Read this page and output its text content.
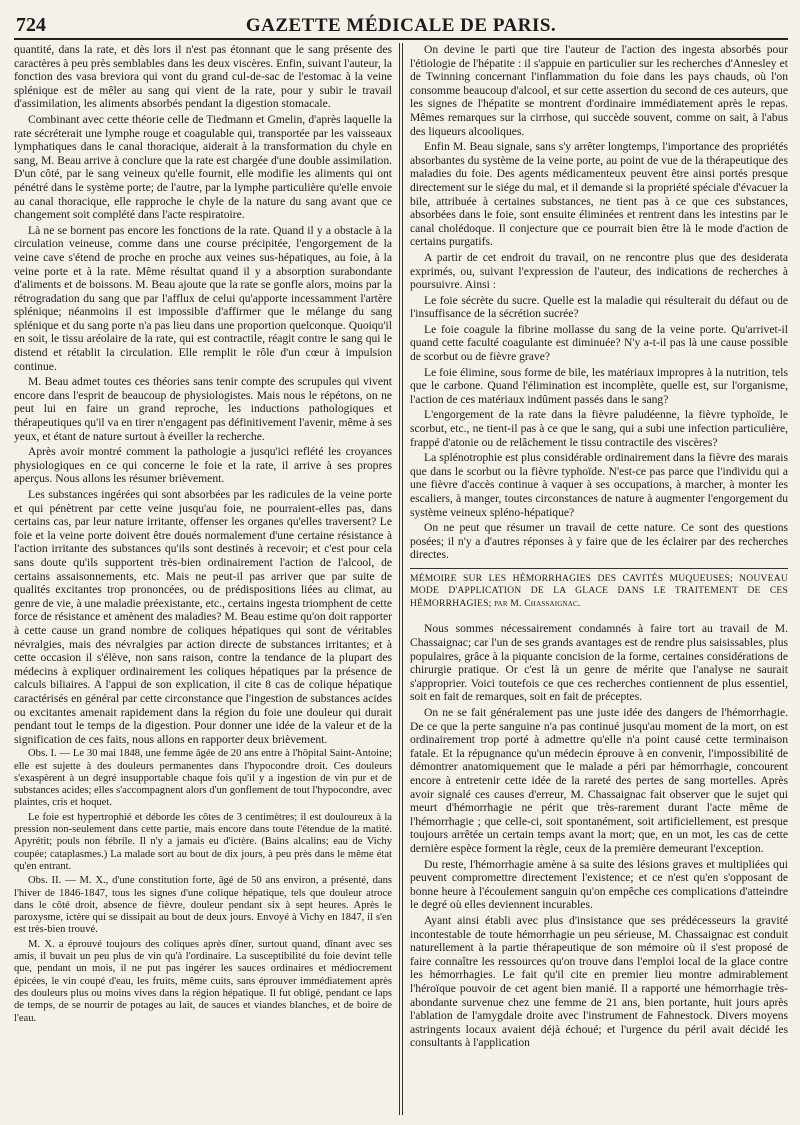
724	GAZETTE MÉDICALE DE PARIS.

quantité, dans la rate, et dès lors il n'est pas étonnant que le sang présente des caractères à peu près semblables dans les deux viscères. Enfin, suivant l'auteur, la fonction des vasa breviora qui vont du grand cul-de-sac de l'estomac à la veine splénique est de mêler au sang qui vient de la rate, pour y subir le travail d'assimilation, les aliments absorbés pendant la digestion stomacale.

Combinant avec cette théorie celle de Tiedmann et Gmelin, d'après laquelle la rate sécréterait une lymphe rouge et coagulable qui, transportée par les vaisseaux lymphatiques dans le canal thoracique, aiderait à la transformation du chyle en sang, M. Beau arrive à conclure que la rate est chargée d'une double assimilation. D'un côté, par le sang veineux qu'elle fournit, elle modifie les aliments qui ont pénétré dans le système porte; de l'autre, par la lymphe particulière qu'elle envoie au canal thoracique, elle rapproche le chyle de la nature du sang avant que ce changement soit complété dans l'acte respiratoire.

Là ne se bornent pas encore les fonctions de la rate. Quand il y a obstacle à la circulation veineuse, comme dans une course précipitée, l'engorgement de la veine cave s'étend de proche en proche aux veines sus-hépatiques, au foie, à la veine porte et à la rate. Même résultat quand il y a absorption surabondante d'aliments et de boissons. M. Beau ajoute que la rate se gonfle alors, moins par la rétrogradation du sang que par l'afflux de celui qu'apporte incessamment l'artère splénique; néanmoins il est impossible d'affirmer que le mélange du sang splénique et du sang porte n'a pas lieu dans une proportion quelconque. Quoiqu'il en soit, le tissu aréolaire de la rate, qui est contractile, réagit contre le sang qui le distend et rétablit la circulation. Elle remplit le rôle d'un cœur à impulsion continue.

M. Beau admet toutes ces théories sans tenir compte des scrupules qui vivent encore dans l'esprit de beaucoup de physiologistes. Mais nous le répétons, on ne peut lui en faire un grand reproche, les inductions pathologiques et thérapeutiques qu'il va en tirer n'engagent pas définitivement l'avenir, même à ses yeux, et étant de nature surtout à éveiller la recherche.

Après avoir montré comment la pathologie a jusqu'ici reflété les croyances physiologiques en ce qui concerne le foie et la rate, il arrive à ses propres aperçus. Nous allons les résumer brièvement.

Les substances ingérées qui sont absorbées par les radicules de la veine porte et qui pénètrent par cette veine jusqu'au foie, ne pourraient-elles pas, dans certains cas, par leur nature irritante, offenser les organes qu'elles traversent? Le foie et la veine porte doivent être doués normalement d'une certaine résistance à l'action irritante des substances qu'ils sont destinés à recevoir; et c'est pour cela sans doute qu'ils supportent très-bien ordinairement l'action de l'alcool, de certains assaisonnements, etc. Mais ne peut-il pas arriver que par suite de qualités excitantes trop prononcées, ou de prédispositions liées au climat, au genre de vie, à une maladie préexistante, etc., certains ingesta triomphent de cette force de résistance et amènent des maladies? M. Beau estime qu'on doit rapporter à cette cause un grand nombre de coliques hépatiques qui sont de véritables névralgies, mais des névralgies par action directe de substances irritantes; et à cette occasion il s'élève, non sans raison, contre la tendance de la plupart des médecins à expliquer ordinairement les coliques hépatiques par la présence de calculs biliaires. A l'appui de son explication, il cite 8 cas de colique hépatique caractérisés en général par cette circonstance que l'ingestion de substances acides ou excitantes amenait rapidement dans la région du foie une douleur qui durait pendant tout le temps de la digestion. Pour donner une idée de la valeur et de la signification de ces faits, nous allons en rapporter deux brièvement.

Obs. I. — Le 30 mai 1848, une femme âgée de 20 ans entre à l'hôpital Saint-Antoine; elle est sujette à des douleurs permanentes dans l'hypocondre droit. Ces douleurs s'exaspèrent à un degré insupportable chaque fois qu'il y a ingestion de vin pur et de substances acides; elles s'accompagnent alors d'un gonflement de tout l'hypocondre, avec plaintes, cris et hoquet.

Le foie est hypertrophié et déborde les côtes de 3 centimètres; il est douloureux à la pression non-seulement dans cette partie, mais encore dans toute l'étendue de la matité. Apyrétit; pouls non fébrile. Il n'y a jamais eu d'ictère. (Bains alcalins; eau de Vichy coupée; cataplasmes.) La malade sort au bout de dix jours, à peu près dans le même état qu'en entrant.

Obs. II. — M. X., d'une constitution forte, âgé de 50 ans environ, a présenté, dans l'hiver de 1846-1847, tous les signes d'une colique hépatique, tels que douleur atroce dans le côté droit, absence de fièvre, douleur pendant six à sept heures. Après le paroxysme, ictère qui se dissipait au bout de deux jours. Envoyé à Vichy en 1847, il s'en est très-bien trouvé.

M. X. a éprouvé toujours des coliques après dîner, surtout quand, dînant avec ses amis, il buvait un peu plus de vin qu'à l'ordinaire. La susceptibilité du foie devint telle que, pendant un mois, il ne put pas ingérer les sauces ordinaires et médiocrement épicées, le vin coupé d'eau, les fruits, même cuits, sans éprouver immédiatement après des douleurs plus ou moins vives dans la région hépatique. Il fut obligé, pendant ce laps de temps, de se nourrir de potages au lait, de sauces et viandes blanches, et de boire de l'eau.

On devine le parti que tire l'auteur de l'action des ingesta absorbés pour l'étiologie de l'hépatite : il s'appuie en particulier sur les recherches d'Annesley et de Twinning concernant l'inflammation du foie dans les pays chauds, où l'on consomme beaucoup d'alcool, et sur cette assertion du second de ces auteurs, que les signes de l'hépatite se montrent d'ordinaire immédiatement après le repas. Mêmes remarques sur la cirrhose, qui succède souvent, comme on sait, à l'abus des liqueurs alcooliques.

Enfin M. Beau signale, sans s'y arrêter longtemps, l'importance des propriétés absorbantes du système de la veine porte, au point de vue de la thérapeutique des maladies du foie. Des agents médicamenteux peuvent être ainsi portés presque directement sur le siége du mal, et il demande si la propriété spéciale d'évacuer la bile, attribuée à certaines substances, ne tient pas à ce que ces substances, absorbées dans le foie, sont ensuite éliminées et rentrent dans les intestins par le canal cholédoque. Il conjecture que ce pourrait bien être là le mode d'action de certains purgatifs.

A partir de cet endroit du travail, on ne rencontre plus que des desiderata exprimés, ou, suivant l'expression de l'auteur, des indications de recherches à poursuivre. Ainsi :

Le foie sécrète du sucre. Quelle est la maladie qui résulterait du défaut ou de l'insuffisance de la sécrétion sucrée?

Le foie coagule la fibrine mollasse du sang de la veine porte. Qu'arrivet-il quand cette faculté coagulante est diminuée? N'y a-t-il pas là une cause possible de scorbut ou de fièvre grave?

Le foie élimine, sous forme de bile, les matériaux impropres à la nutrition, tels que le carbone. Quand l'élimination est incomplète, quelle est, sur l'organisme, l'action de ces matériaux indûment passés dans le sang?

L'engorgement de la rate dans la fièvre paludéenne, la fièvre typhoïde, le scorbut, etc., ne tient-il pas à ce que le sang, qui a subi une infection particulière, frappé d'atonie ou de relâchement le tissu contractile des viscères?

La splénotrophie est plus considérable ordinairement dans la fièvre des marais que dans le scorbut ou la fièvre typhoïde. N'est-ce pas parce que l'individu qui a une fièvre d'accès continue à vaquer à ses occupations, à marcher, à monter les escaliers, à manger, toutes circonstances de nature à augmenter l'engorgement du système veineux spléno-hépatique?

On ne peut que résumer un travail de cette nature. Ce sont des questions posées; il n'y a d'autres réponses à y faire que de les éclairer par des recherches directes.

MÉMOIRE SUR LES HÉMORRHAGIES DES CAVITÉS MUQUEUSES; NOUVEAU MODE D'APPLICATION DE LA GLACE DANS LE TRAITEMENT DE CES HÉMORRHAGIES; par M. Chassaignac.

Nous sommes nécessairement condamnés à faire tort au travail de M. Chassaignac; car l'un de ses grands avantages est de rendre plus saisissables, plus populaires, grâce à la piquante concision de la forme, certaines considérations de chirurgie pratique. Or c'est là un genre de mérite que l'analyse ne saurait s'approprier. Voici toutefois ce que ces recherches contiennent de plus essentiel, soit en fait de remarques, soit en fait de préceptes.

On ne se fait généralement pas une juste idée des dangers de l'hémorrhagie. De ce que la perte sanguine n'a pas continué jusqu'au moment de la mort, on est ordinairement trop porté à admettre qu'elle n'a point causé cette terminaison fatale. Et la répugnance qu'un médecin éprouve à en convenir, l'impossibilité de démontrer anatomiquement que le malade a péri par hémorrhagie, concourent encore à entretenir cette idée de la rareté des pertes de sang mortelles. Après avoir signalé ces causes d'erreur, M. Chassaignac fait observer que le sujet qui meurt d'hémorrhagie ne périt que très-rarement durant l'acte même de l'hémorrhagie ; que celle-ci, soit spontanément, soit artificiellement, est presque toujours arrêtée un certain temps avant la mort; que, en un mot, les cas de cette dernière espèce forment la règle, ceux de la première demeurant l'exception.

Du reste, l'hémorrhagie amène à sa suite des lésions graves et multipliées qui peuvent compromettre directement l'existence; et ce n'est qu'en s'opposant de bonne heure à l'écoulement sanguin qu'on empêche ces complications d'atteindre le degré où elles deviennent incurables.

Ayant ainsi établi avec plus d'insistance que ses prédécesseurs la gravité incontestable de toute hémorrhagie un peu sérieuse, M. Chassaignac est conduit naturellement à la partie thérapeutique de son mémoire où il s'est proposé de faire connaître les ressources qu'on trouve dans l'emploi local de la glace contre les hémorrhagies. Le fait qu'il cite en premier lieu montre admirablement l'héroïque pouvoir de cet agent bien manié. Il a rapporté une hémorrhagie très-abondante survenue chez une femme de 21 ans, bien portante, huit jours après l'ablation de l'amygdale droite avec l'instrument de Fahnestock. Divers moyens astringents locaux avaient déjà échoué; et l'urgence du péril avait décidé les consultants à l'application
